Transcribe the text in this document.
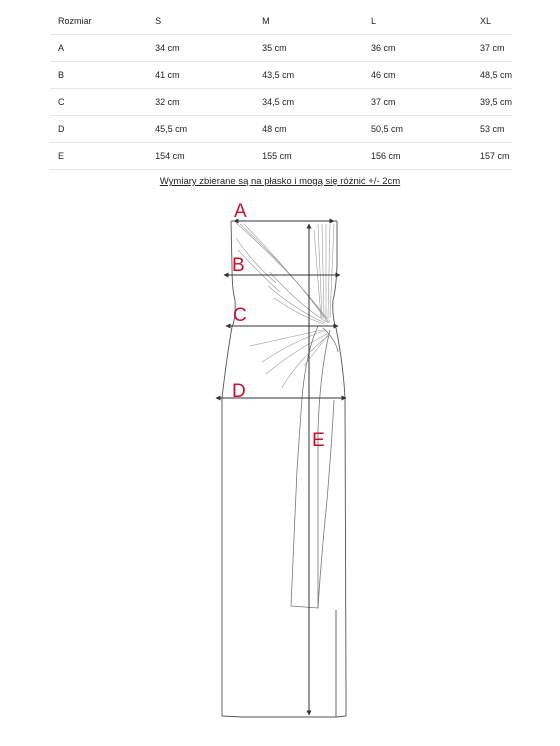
Rozmiar	S	M	L	XL
A	34 cm	35 cm	36 cm	37 cm
B	41 cm	43,5 cm	46 cm	48,5 cm
C	32 cm	34,5 cm	37 cm	39,5 cm
D	45,5 cm	48 cm	50,5 cm	53 cm
E	154 cm	155 cm	156 cm	157 cm
Wymiary zbierane są na płasko i mogą się różnić +/- 2cm
A
B
C
D
E
